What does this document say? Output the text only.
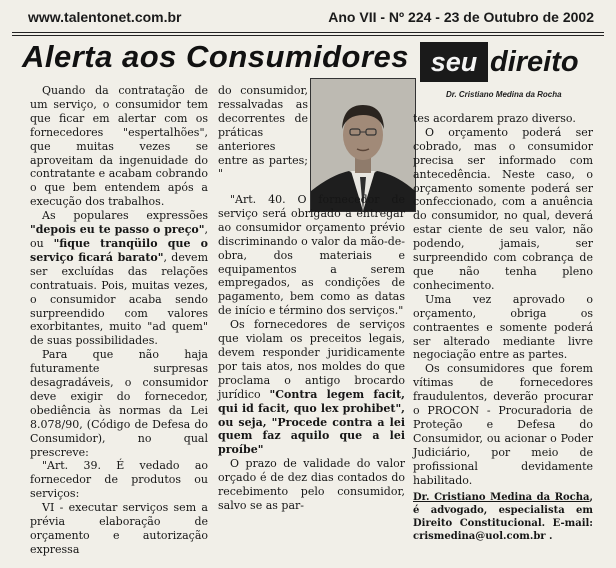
www.talentonet.com.br	Ano VII - Nº 224 - 23 de Outubro de 2002
Alerta aos Consumidores seu direito
Dr. Cristiano Medina da Rocha

Quando da contratação de um serviço, o consumidor tem que ficar em alertar com os fornecedores "espertalhões", que muitas vezes se aproveitam da ingenuidade do contratante e acabam cobrando o que bem entendem após a execução dos trabalhos.

As populares expressões "depois eu te passo o preço", ou "fique tranqüilo que o serviço ficará barato", devem ser excluídas das relações contratuais. Pois, muitas vezes, o consumidor acaba sendo surpreendido com valores exorbitantes, muito "ad quem" de suas possibilidades.

Para que não haja futuramente surpresas desagradáveis, o consumidor deve exigir do fornecedor, obediência às normas da Lei 8.078/90, (Código de Defesa do Consumidor), no qual prescreve:

"Art. 39. É vedado ao fornecedor de produtos ou serviços:

VI - executar serviços sem a prévia elaboração de orçamento e autorização expressa

do consumidor, ressalvadas as decorrentes de práticas anteriores entre as partes; "

"Art. 40. O fornecedor de serviço será obrigado a entregar ao consumidor orçamento prévio discriminando o valor da mão-de-obra, dos materiais e equipamentos a serem empregados, as condições de pagamento, bem como as datas de início e término dos serviços."

Os fornecedores de serviços que violam os preceitos legais, devem responder juridicamente por tais atos, nos moldes do que proclama o antigo brocardo jurídico "Contra legem facit, qui id facit, quo lex prohibet", ou seja, "Procede contra a lei quem faz aquilo que a lei proíbe"

O prazo de validade do valor orçado é de dez dias contados do recebimento pelo consumidor, salvo se as par-

tes acordarem prazo diverso.

O orçamento poderá ser cobrado, mas o consumidor precisa ser informado com antecedência. Neste caso, o orçamento somente poderá ser confeccionado, com a anuência do consumidor, no qual, deverá estar ciente de seu valor, não podendo, jamais, ser surpreendido com cobrança de que não tenha pleno conhecimento.

Uma vez aprovado o orçamento, obriga os contraentes e somente poderá ser alterado mediante livre negociação entre as partes.

Os consumidores que forem vítimas de fornecedores fraudulentos, deverão procurar o PROCON - Procuradoria de Proteção e Defesa do Consumidor, ou acionar o Poder Judiciário, por meio de profissional devidamente habilitado.

Dr. Cristiano Medina da Rocha, é advogado, especialista em Direito Constitucional. E-mail: crismedina@uol.com.br .
